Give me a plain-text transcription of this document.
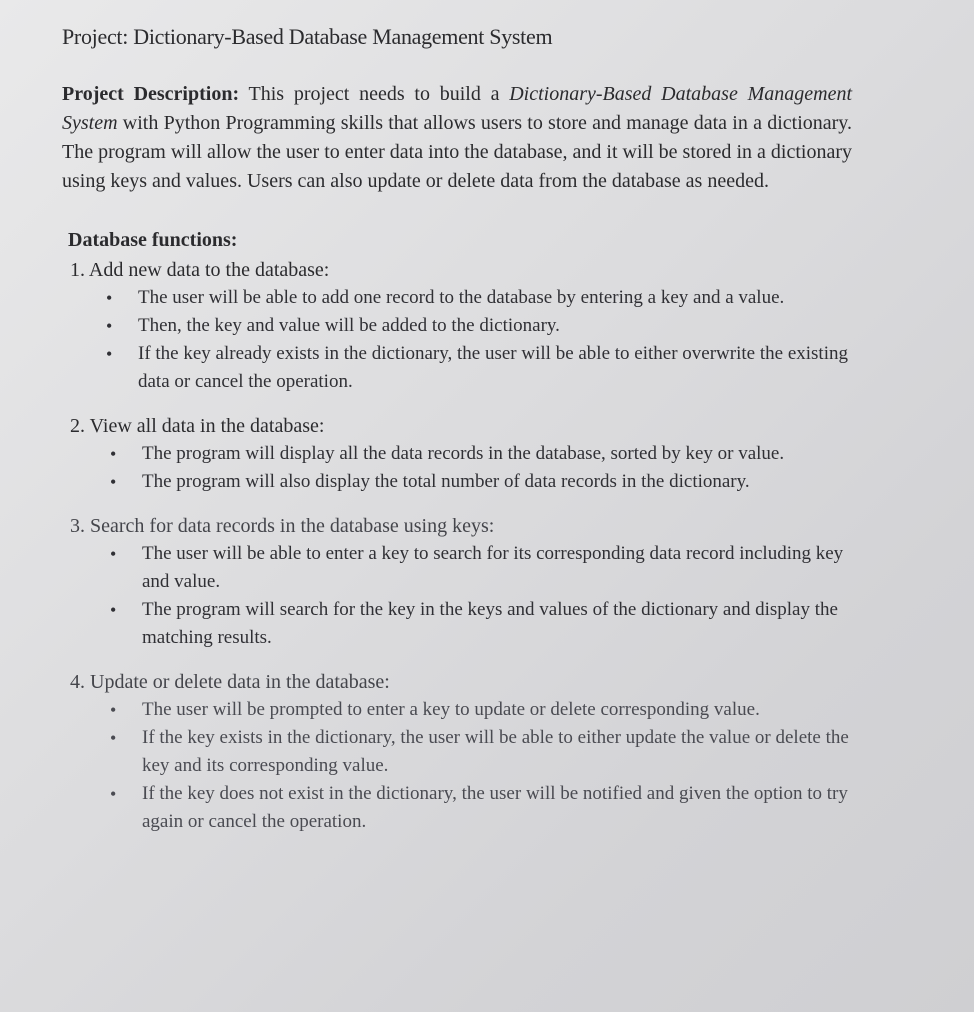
Project: Dictionary-Based Database Management System
Project Description: This project needs to build a Dictionary-Based Database Management System with Python Programming skills that allows users to store and manage data in a dictionary. The program will allow the user to enter data into the database, and it will be stored in a dictionary using keys and values. Users can also update or delete data from the database as needed.
Database functions:
1. Add new data to the database:
• The user will be able to add one record to the database by entering a key and a value.
• Then, the key and value will be added to the dictionary.
• If the key already exists in the dictionary, the user will be able to either overwrite the existing data or cancel the operation.
2. View all data in the database:
• The program will display all the data records in the database, sorted by key or value.
• The program will also display the total number of data records in the dictionary.
3. Search for data records in the database using keys:
• The user will be able to enter a key to search for its corresponding data record including key and value.
• The program will search for the key in the keys and values of the dictionary and display the matching results.
4. Update or delete data in the database:
• The user will be prompted to enter a key to update or delete corresponding value.
• If the key exists in the dictionary, the user will be able to either update the value or delete the key and its corresponding value.
• If the key does not exist in the dictionary, the user will be notified and given the option to try again or cancel the operation.
